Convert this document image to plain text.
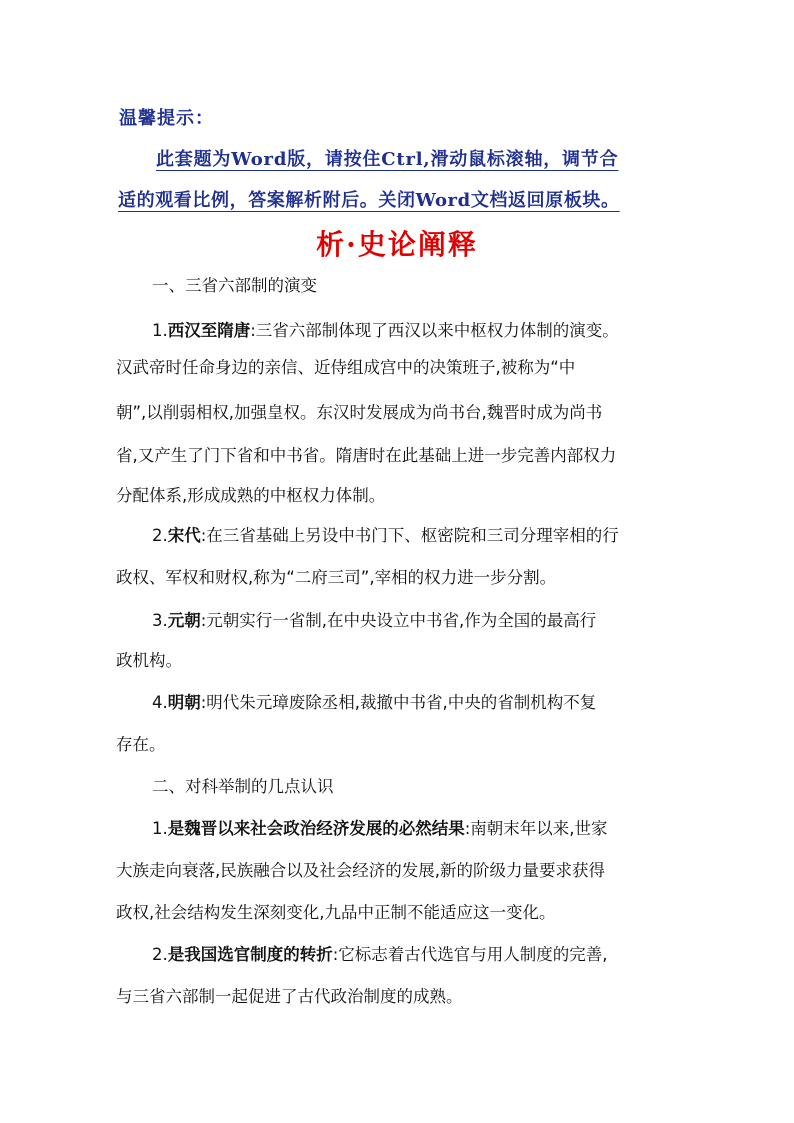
温馨提示：
此套题为Word版，请按住Ctrl,滑动鼠标滚轴，调节合
适的观看比例，答案解析附后。关闭Word文档返回原板块。
析·史论阐释
一、三省六部制的演变
1.西汉至隋唐:三省六部制体现了西汉以来中枢权力体制的演变。
汉武帝时任命身边的亲信、近侍组成宫中的决策班子,被称为“中
朝”,以削弱相权,加强皇权。东汉时发展成为尚书台,魏晋时成为尚书
省,又产生了门下省和中书省。隋唐时在此基础上进一步完善内部权力
分配体系,形成成熟的中枢权力体制。
2.宋代:在三省基础上另设中书门下、枢密院和三司分理宰相的行
政权、军权和财权,称为“二府三司”,宰相的权力进一步分割。
3.元朝:元朝实行一省制,在中央设立中书省,作为全国的最高行
政机构。
4.明朝:明代朱元璋废除丞相,裁撤中书省,中央的省制机构不复
存在。
二、对科举制的几点认识
1.是魏晋以来社会政治经济发展的必然结果:南朝末年以来,世家
大族走向衰落,民族融合以及社会经济的发展,新的阶级力量要求获得
政权,社会结构发生深刻变化,九品中正制不能适应这一变化。
2.是我国选官制度的转折:它标志着古代选官与用人制度的完善,
与三省六部制一起促进了古代政治制度的成熟。
